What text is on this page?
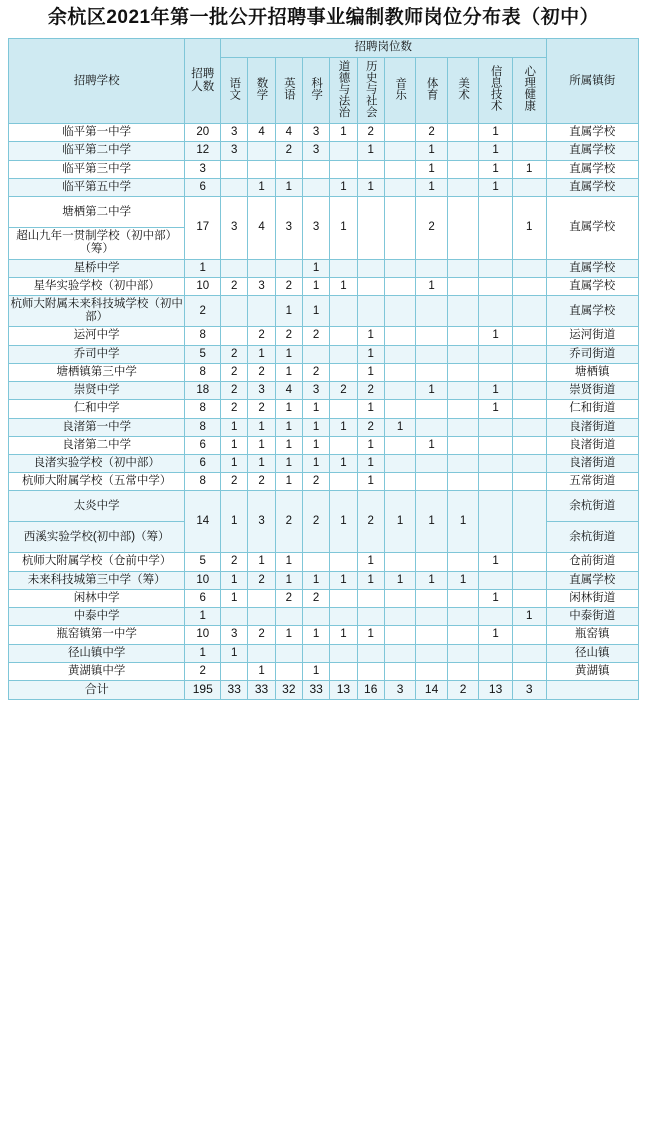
余杭区2021年第一批公开招聘事业编制教师岗位分布表（初中）
招聘学校	招聘人数	招聘岗位数											所属镇街
		语文	数学	英语	科学	道德与法治	历史与社会	音乐	体育	美术	信息技术	心理健康	
临平第一中学	20	3	4	4	3	1	2		2		1		直属学校
临平第二中学	12	3		2	3		1		1		1		直属学校
临平第三中学	3								1		1	1	直属学校
临平第五中学	6		1	1		1	1		1		1		直属学校
塘栖第二中学	17	3	4	3	3	1			2			1	直属学校
超山九年一贯制学校（初中部）（筹）													
星桥中学	1				1								直属学校
星华实验学校（初中部）	10	2	3	2	1	1			1				直属学校
杭师大附属未来科技城学校（初中部）	2			1	1								直属学校
运河中学	8		2	2	2		1				1		运河街道
乔司中学	5	2	1	1			1						乔司街道
塘栖镇第三中学	8	2	2	1	2		1						塘栖镇
崇贤中学	18	2	3	4	3	2	2		1		1		崇贤街道
仁和中学	8	2	2	1	1		1				1		仁和街道
良渚第一中学	8	1	1	1	1	1	2	1					良渚街道
良渚第二中学	6	1	1	1	1		1		1				良渚街道
良渚实验学校（初中部）	6	1	1	1	1	1	1						良渚街道
杭师大附属学校（五常中学）	8	2	2	1	2		1						五常街道
太炎中学	14	1	3	2	2	1	2	1	1	1			余杭街道
西溪实验学校(初中部)（筹）													余杭街道
杭师大附属学校（仓前中学）	5	2	1	1			1				1		仓前街道
未来科技城第三中学（筹）	10	1	2	1	1	1	1	1	1	1			直属学校
闲林中学	6	1		2	2						1		闲林街道
中泰中学	1											1	中泰街道
瓶窑镇第一中学	10	3	2	1	1	1	1				1		瓶窑镇
径山镇中学	1	1											径山镇
黄湖镇中学	2		1		1								黄湖镇
合计	195	33	33	32	33	13	16	3	14	2	13	3	
